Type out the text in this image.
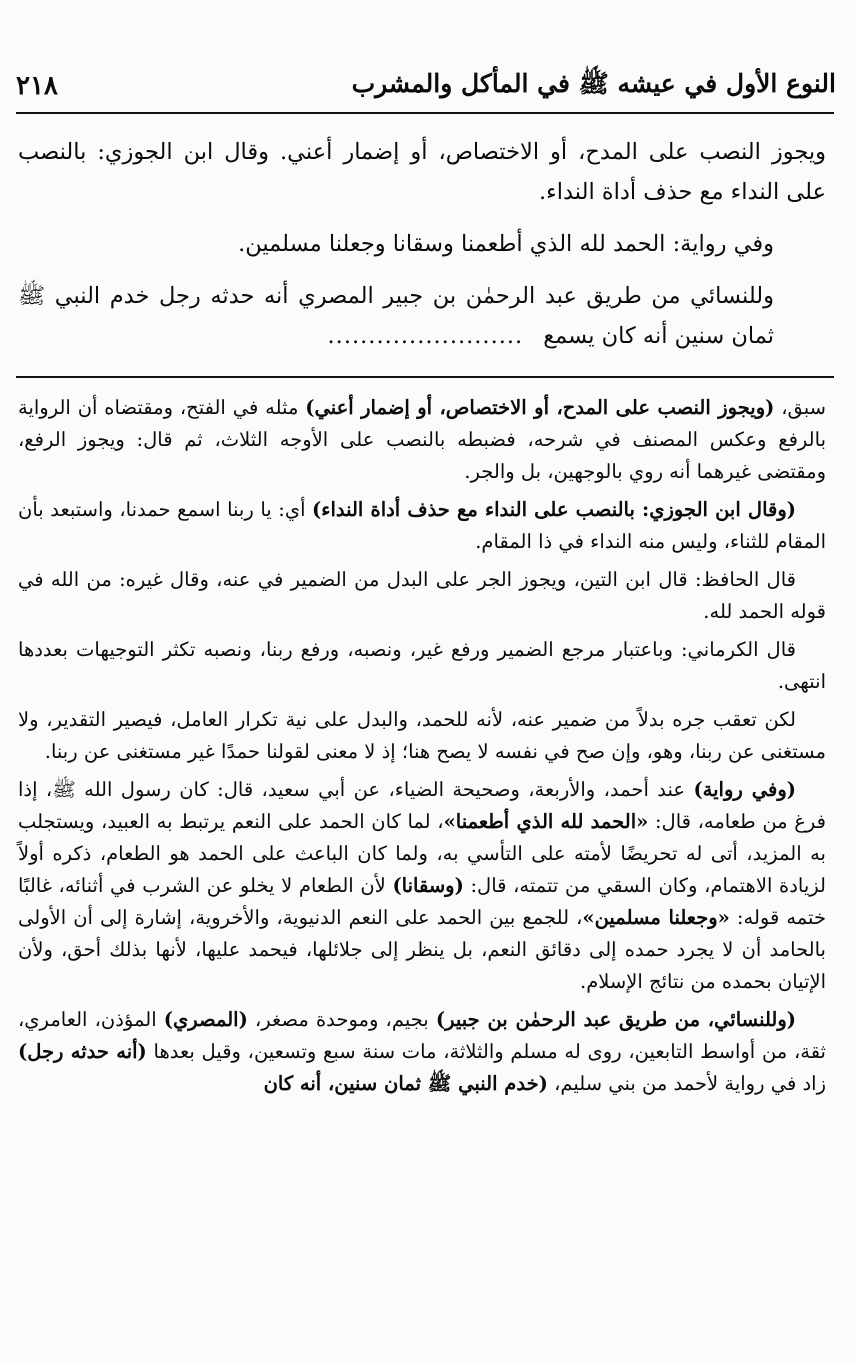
النوع الأول في عيشه ﷺ في المأكل والمشرب
٢١٨

ويجوز النصب على المدح، أو الاختصاص، أو إضمار أعني. وقال ابن الجوزي: بالنصب على النداء مع حذف أداة النداء.

وفي رواية: الحمد لله الذي أطعمنا وسقانا وجعلنا مسلمين.

وللنسائي من طريق عبد الرحمٰن بن جبير المصري أنه حدثه رجل خدم النبي ﷺ ثمان سنين أنه كان يسمع........................

سبق، (ويجوز النصب على المدح، أو الاختصاص، أو إضمار أعني) مثله في الفتح، ومقتضاه أن الرواية بالرفع وعكس المصنف في شرحه، فضبطه بالنصب على الأوجه الثلاث، ثم قال: ويجوز الرفع، ومقتضى غيرهما أنه روي بالوجهين، بل والجر.

(وقال ابن الجوزي: بالنصب على النداء مع حذف أداة النداء) أي: يا ربنا اسمع حمدنا، واستبعد بأن المقام للثناء، وليس منه النداء في ذا المقام.

قال الحافظ: قال ابن التين، ويجوز الجر على البدل من الضمير في عنه، وقال غيره: من الله في قوله الحمد لله.

قال الكرماني: وباعتبار مرجع الضمير ورفع غير، ونصبه، ورفع ربنا، ونصبه تكثر التوجيهات بعددها انتهى.

لكن تعقب جره بدلاً من ضمير عنه، لأنه للحمد، والبدل على نية تكرار العامل، فيصير التقدير، ولا مستغنى عن ربنا، وهو، وإن صح في نفسه لا يصح هنا؛ إذ لا معنى لقولنا حمدًا غير مستغنى عن ربنا.

(وفي رواية) عند أحمد، والأربعة، وصحيحة الضياء، عن أبي سعيد، قال: كان رسول الله ﷺ، إذا فرغ من طعامه، قال: «الحمد لله الذي أطعمنا»، لما كان الحمد على النعم يرتبط به العبيد، ويستجلب به المزيد، أتى له تحريضًا لأمته على التأسي به، ولما كان الباعث على الحمد هو الطعام، ذكره أولاً لزيادة الاهتمام، وكان السقي من تتمته، قال: (وسقانا) لأن الطعام لا يخلو عن الشرب في أثنائه، غالبًا ختمه قوله: «وجعلنا مسلمين»، للجمع بين الحمد على النعم الدنيوية، والأخروية، إشارة إلى أن الأولى بالحامد أن لا يجرد حمده إلى دقائق النعم، بل ينظر إلى جلائلها، فيحمد عليها، لأنها بذلك أحق، ولأن الإتيان بحمده من نتائج الإسلام.

(وللنسائي، من طريق عبد الرحمٰن بن جبير) بجيم، وموحدة مصغر، (المصري) المؤذن، العامري، ثقة، من أواسط التابعين، روى له مسلم والثلاثة، مات سنة سبع وتسعين، وقيل بعدها (أنه حدثه رجل) زاد في رواية لأحمد من بني سليم، (خدم النبي ﷺ ثمان سنين، أنه كان
